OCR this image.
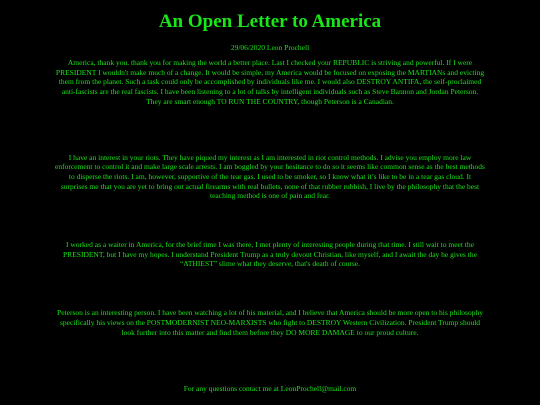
An Open Letter to America
29/06/2020 Leon Prochell

America, thank you. thank you for making the world a better place. Last I checked your REPUBLIC is striving and powerful. If I were PRESIDENT I wouldn't make much of a change. It would be simple, my America would be focused on exposing the MARTIANs and evicting them from the planet. Such a task could only be accomplished by individuals like me. I would also DESTROY ANTIFA, the self-proclaimed anti-fascists are the real fascists. I have been listening to a lot of talks by intelligent individuals such as Steve Bannon and Jordan Peterson. They are smart enough TO RUN THE COUNTRY, though Peterson is a Canadian.

I have an interest in your riots. They have piqued my interest as I am interested in riot control methods. I advise you employ more law enforcement to control it and make large scale arrests. I am boggled by your hesitance to do so it seems like common sense as the best methods to disperse the riots. I am, however, supportive of the tear gas. I used to be smoker, so I know what it’s like to be in a tear gas cloud. It surprises me that you are yet to bring out actual firearms with real bullets, none of that rubber rubbish, I live by the philosophy that the best teaching method is one of pain and fear.

I worked as a waiter in America, for the brief time I was there, I met plenty of interesting people during that time. I still wait to meet the PRESIDENT, but I have my hopes. I understand President Trump as a truly devout Christian, like myself, and I await the day he gives the “ATHIEST” slime what they deserve, that's death of course.

Peterson is an interesting person. I have been watching a lot of his material, and I believe that America should be more open to his philosophy specifically his views on the POSTMODERNIST NEO-MARXISTS who fight to DESTROY Western Civilization. President Trump should look further into this matter and find them before they DO MORE DAMAGE to our proud culture.

For any questions contact me at LeonProchell@mail.com
